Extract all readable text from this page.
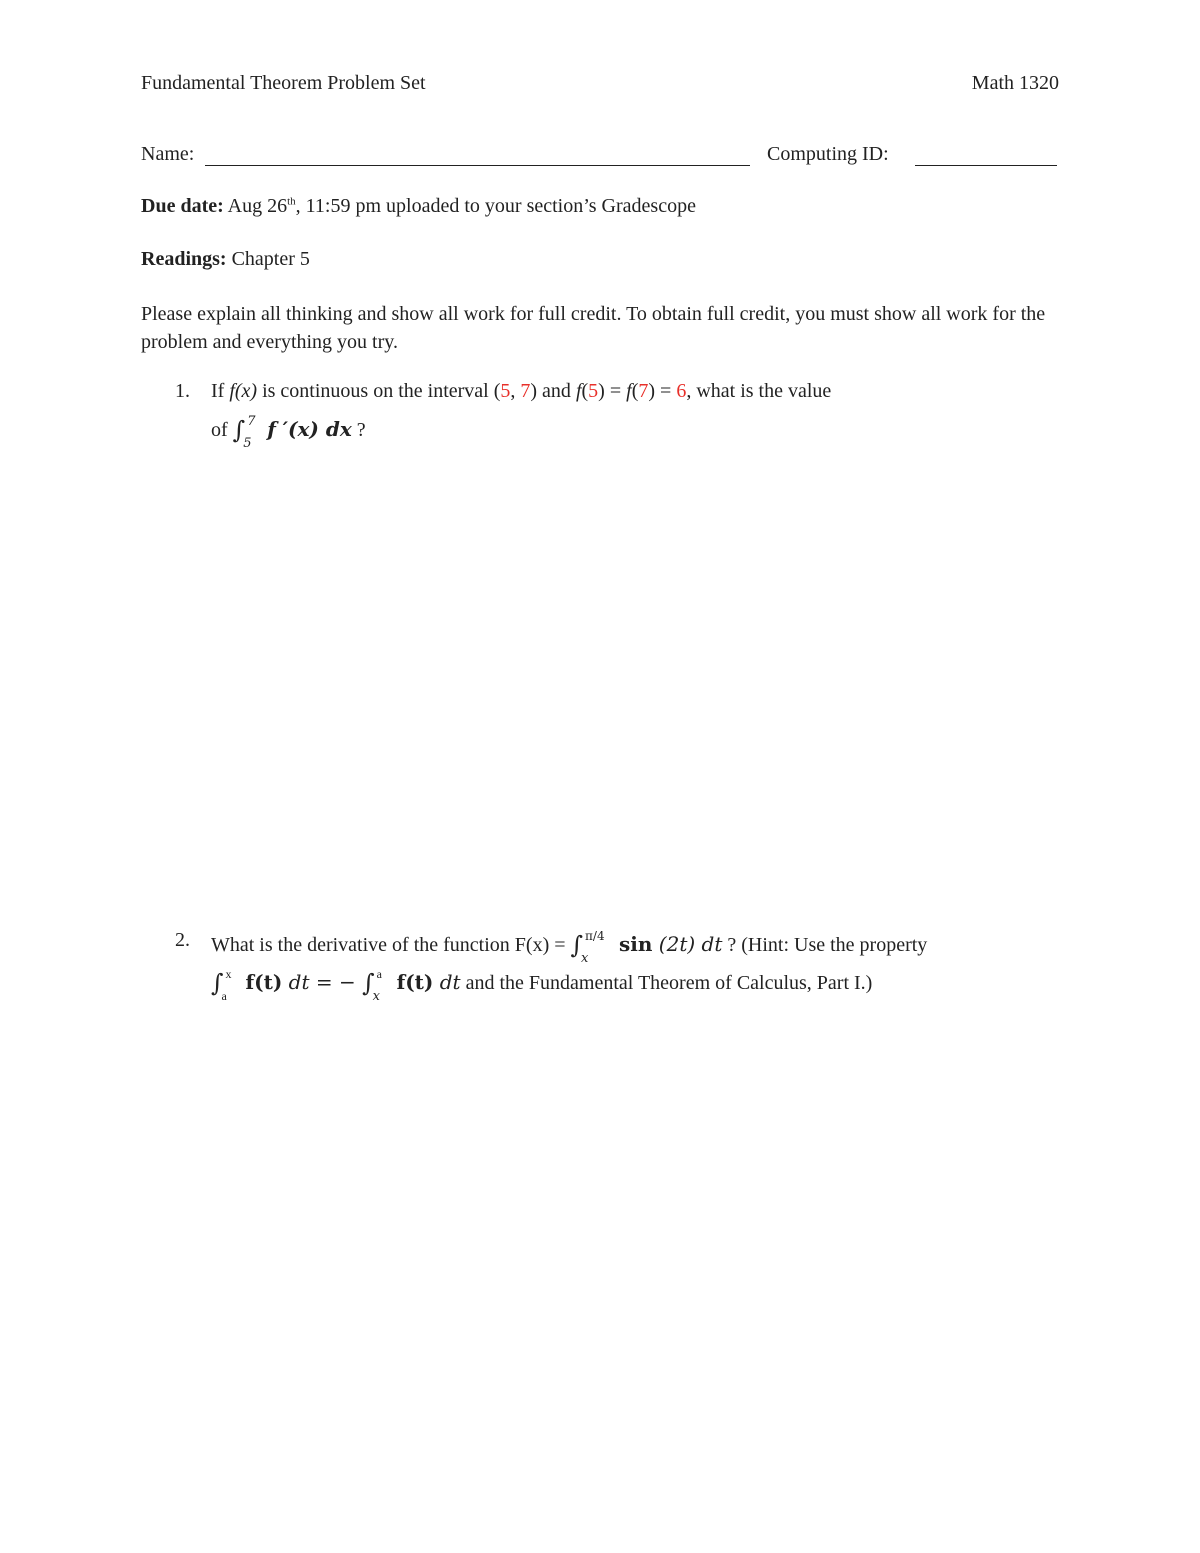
Fundamental Theorem Problem Set	Math 1320
Name:	Computing ID:
Due date: Aug 26th, 11:59 pm uploaded to your section’s Gradescope
Readings: Chapter 5
Please explain all thinking and show all work for full credit. To obtain full credit, you must show all work for the problem and everything you try.
1. If f(x) is continuous on the interval (5, 7) and f(5) = f(7) = 6, what is the value
of ∫ 7
5
f ′(x) dx ?
2. What is the derivative of the function F(x) = ∫ π/4
x
sin (2t) dt ? (Hint: Use the property
∫ x
a
f(t) dt = − ∫ a
x
f(t) dt and the Fundamental Theorem of Calculus, Part I.)
